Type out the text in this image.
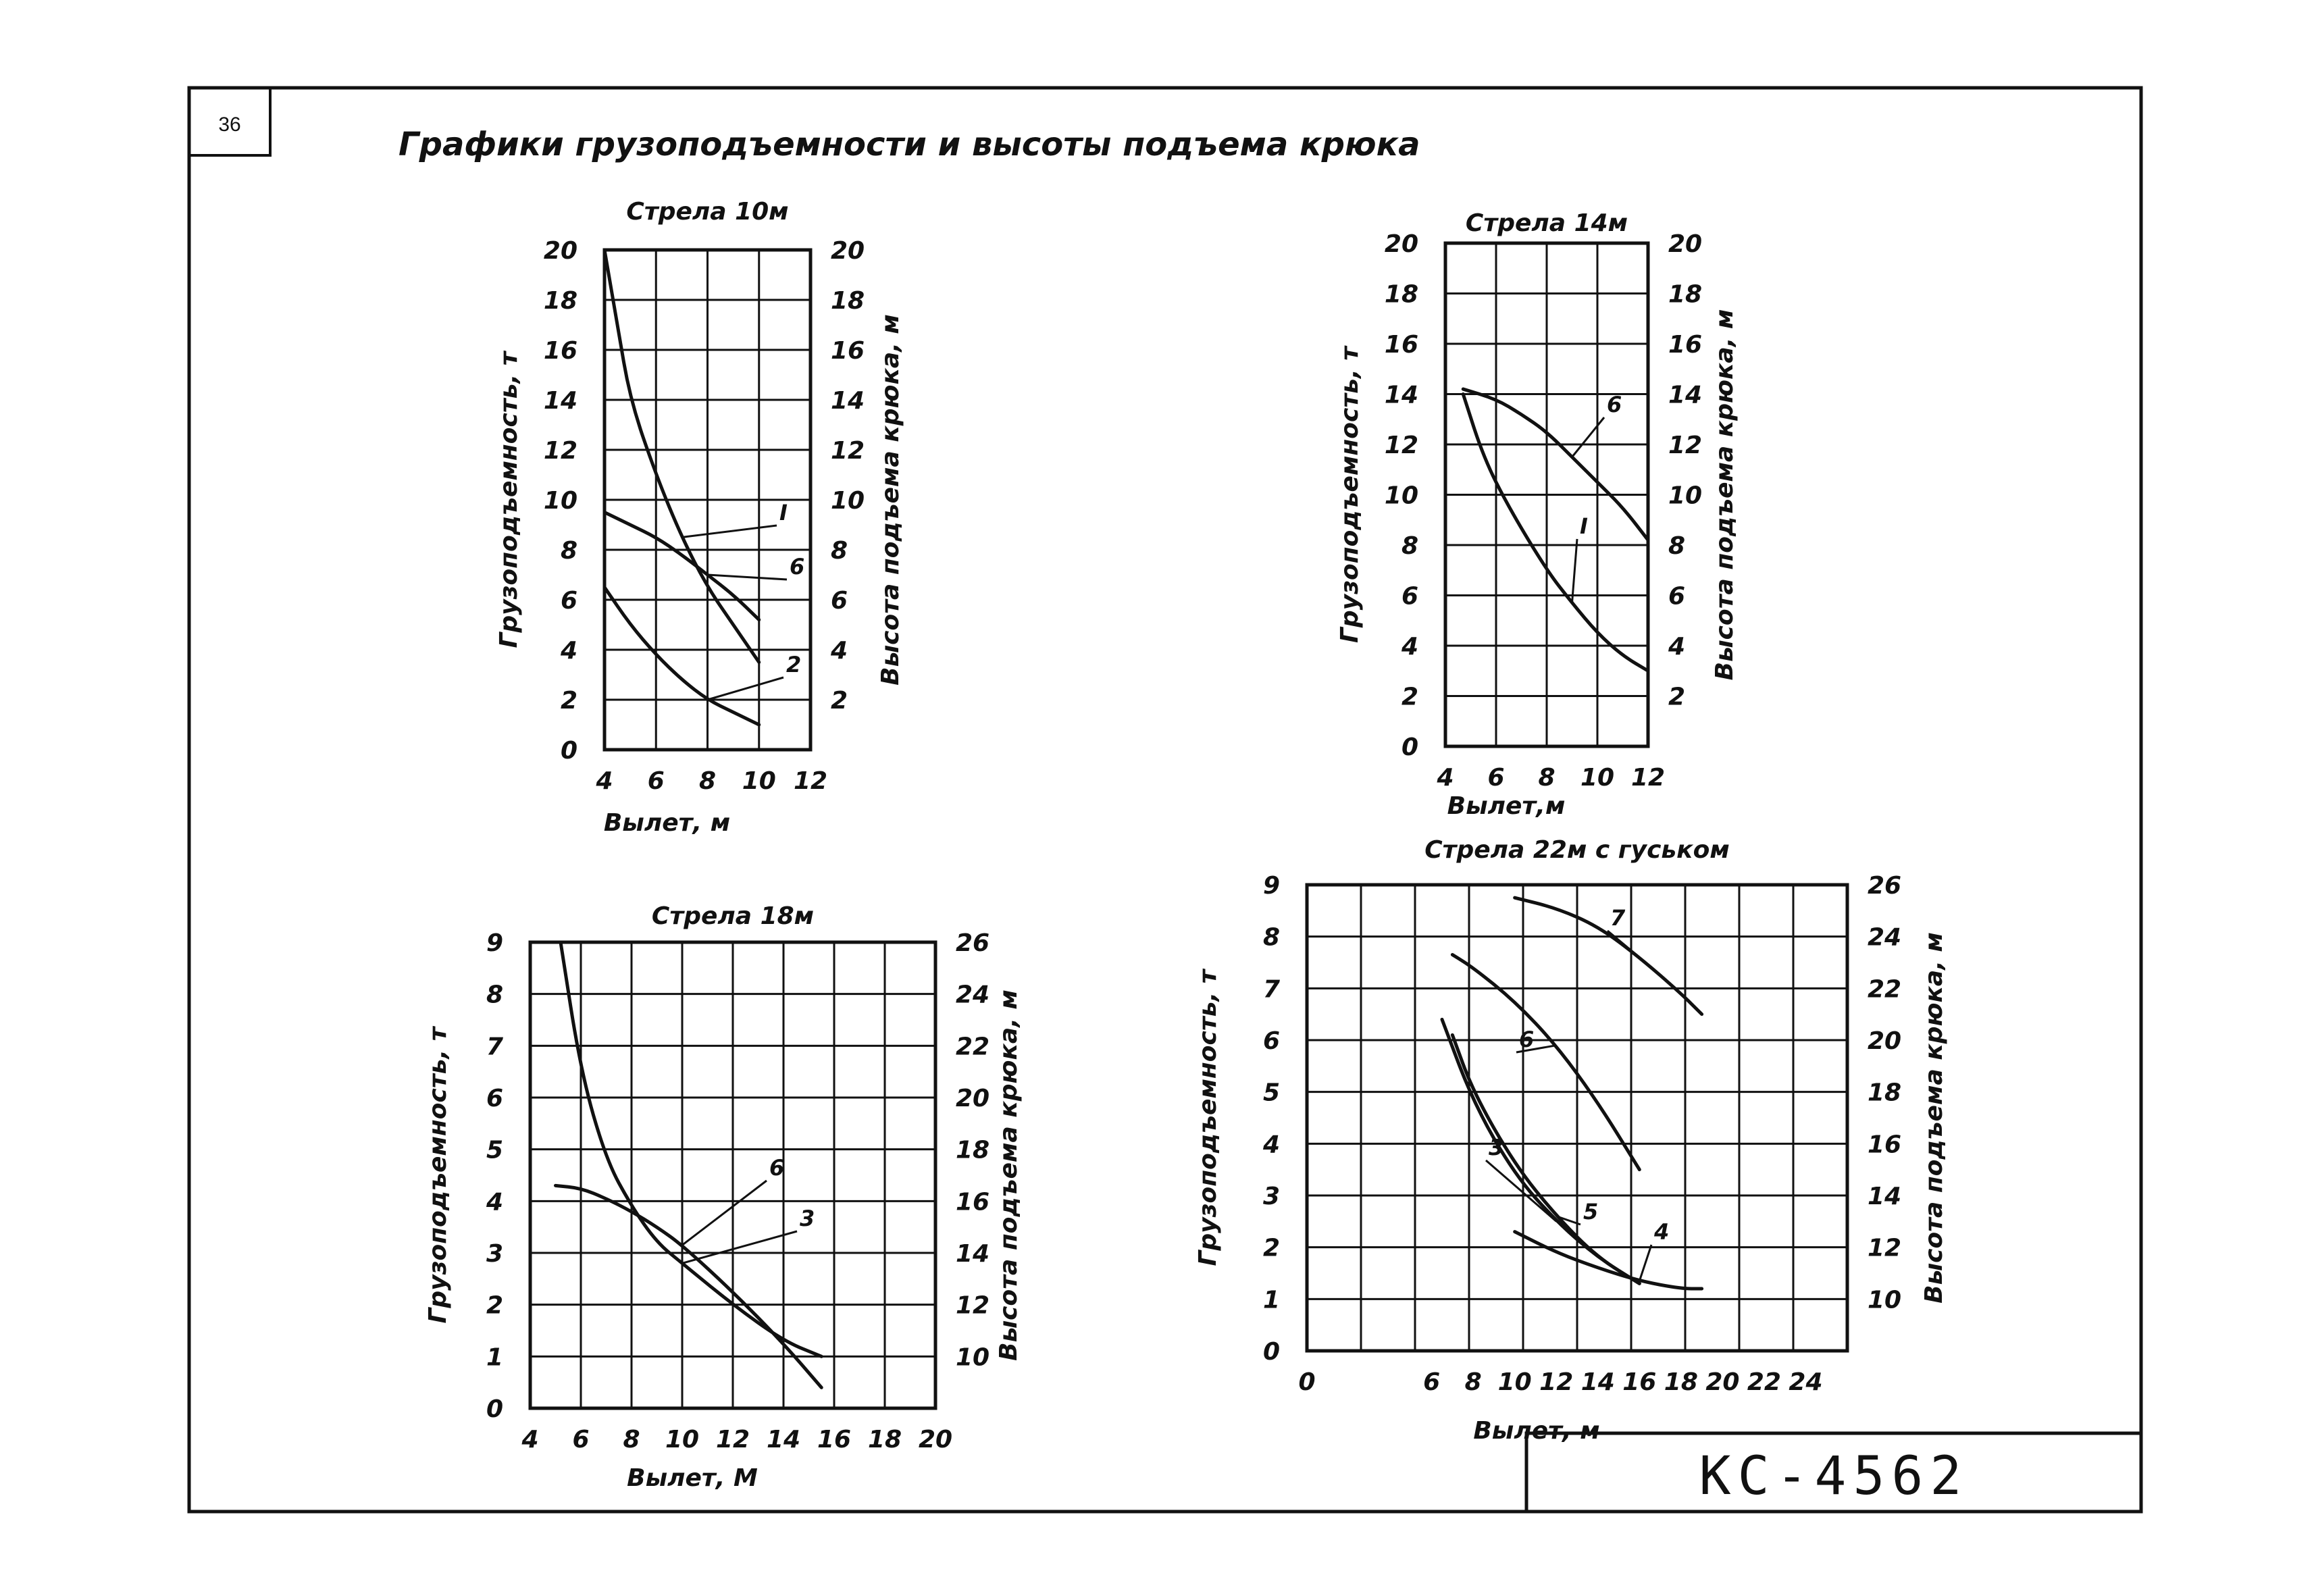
36
Графики грузоподъемности и высоты подъема крюка
КС-4562
Стрела 10м
4 6 8 10 12
0
2
4
6
8
10
12
14
16
18
20
2
4
6
8
10
12
14
16
18
20
Вылет, м
Грузоподъемность, т	Высота подъема крюка, м
I
2
6
Стрела 14м
4 6 8 10 12
0
2
4
6
8
10
12
14
16
18
20
2
4
6
8
10
12
14
16
18
20
Вылет,м
Грузоподъемность, т	Высота подъема крюка, м
I
6
Стрела 18м
4 6 8 10 12 14 16 18 20
0
1
2
3
4
5
6
7
8
9
10
12
14
16
18
20
22
24
26
Вылет, М
Грузоподъемность, т	Высота подъема крюка, м
3
6
Стрела 22м с гуськом
0	6 8 10 12 14 16 18 20 22 24
0
1
2
3
4
5
6
7
8
9
10
12
14
16
18
20
22
24
26
Вылет, м
Грузоподъемность, т	Высота подъема крюка, м
3
5
4
6
7
